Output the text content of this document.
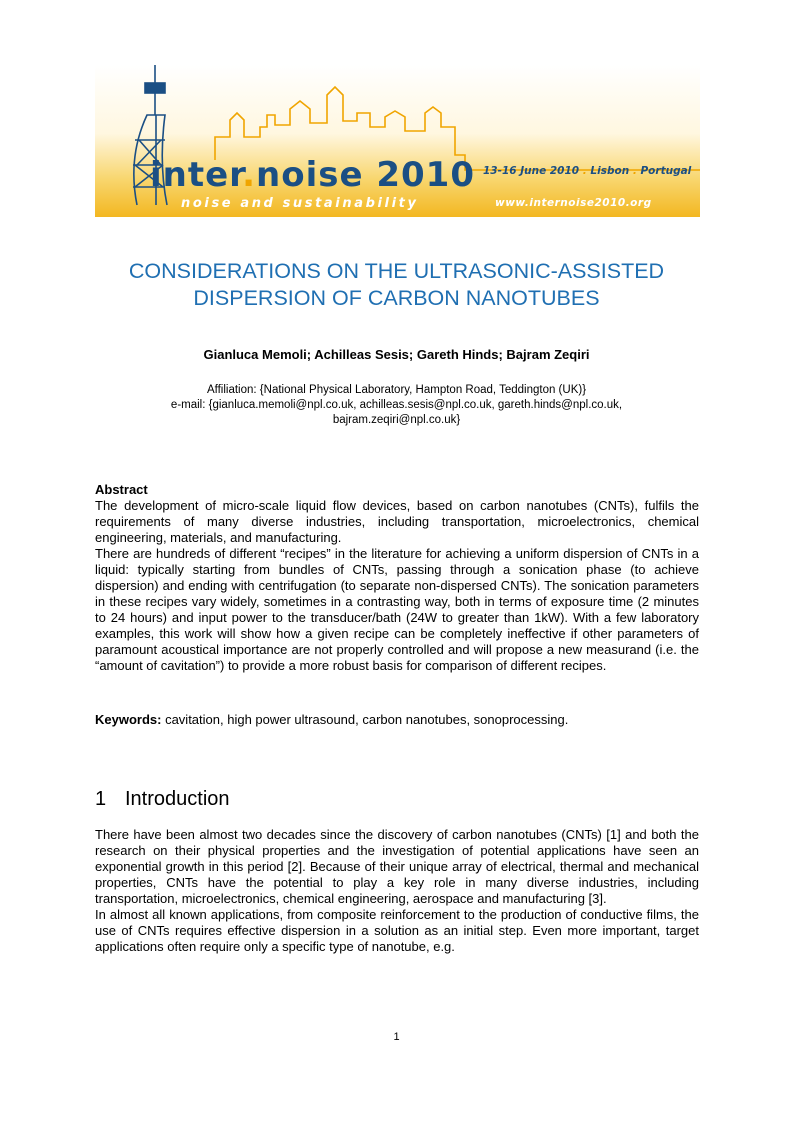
inter.noise 2010
noise and sustainability
13-16 June 2010 . Lisbon . Portugal
www.internoise2010.org
CONSIDERATIONS ON THE ULTRASONIC-ASSISTED
DISPERSION OF CARBON NANOTUBES
Gianluca Memoli; Achilleas Sesis; Gareth Hinds; Bajram Zeqiri
Affiliation: {National Physical Laboratory, Hampton Road, Teddington (UK)}
e-mail: {gianluca.memoli@npl.co.uk, achilleas.sesis@npl.co.uk, gareth.hinds@npl.co.uk,
bajram.zeqiri@npl.co.uk}

Abstract

The development of micro-scale liquid flow devices, based on carbon nanotubes (CNTs), fulfils the requirements of many diverse industries, including transportation, microelectronics, chemical engineering, materials, and manufacturing.

There are hundreds of different “recipes” in the literature for achieving a uniform dispersion of CNTs in a liquid: typically starting from bundles of CNTs, passing through a sonication phase (to achieve dispersion) and ending with centrifugation (to separate non-dispersed CNTs). The sonication parameters in these recipes vary widely, sometimes in a contrasting way, both in terms of exposure time (2 minutes to 24 hours) and input power to the transducer/bath (24W to greater than 1kW). With a few laboratory examples, this work will show how a given recipe can be completely ineffective if other parameters of paramount acoustical importance are not properly controlled and will propose a new measurand (i.e. the “amount of cavitation”) to provide a more robust basis for comparison of different recipes.

Keywords: cavitation, high power ultrasound, carbon nanotubes, sonoprocessing.
1 Introduction

There have been almost two decades since the discovery of carbon nanotubes (CNTs) [1] and both the research on their physical properties and the investigation of potential applications have seen an exponential growth in this period [2]. Because of their unique array of electrical, thermal and mechanical properties, CNTs have the potential to play a key role in many diverse industries, including transportation, microelectronics, chemical engineering, aerospace and manufacturing [3].

In almost all known applications, from composite reinforcement to the production of conductive films, the use of CNTs requires effective dispersion in a solution as an initial step. Even more important, target applications often require only a specific type of nanotube, e.g.

1
